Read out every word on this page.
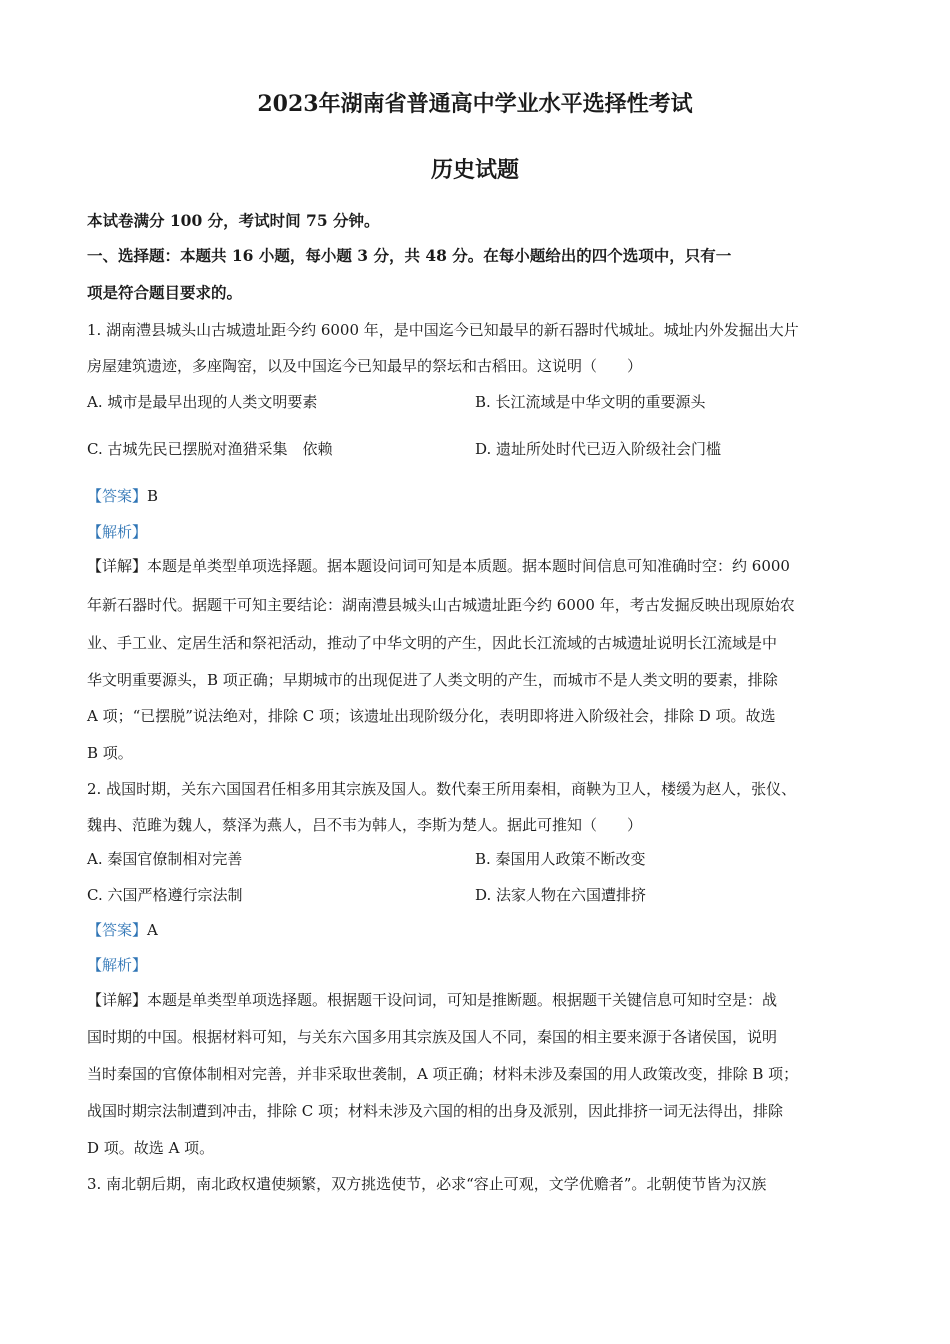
2023年湖南省普通高中学业水平选择性考试
历史试题
本试卷满分 100 分，考试时间 75 分钟。
一、选择题：本题共 16 小题，每小题 3 分，共 48 分。在每小题给出的四个选项中，只有一
项是符合题目要求的。
1. 湖南澧县城头山古城遗址距今约 6000 年，是中国迄今已知最早的新石器时代城址。城址内外发掘出大片
房屋建筑遗迹，多座陶窑，以及中国迄今已知最早的祭坛和古稻田。这说明（　　）
A. 城市是最早出现的人类文明要素	B. 长江流域是中华文明的重要源头
C. 古城先民已摆脱对渔猎采集　依赖	D. 遗址所处时代已迈入阶级社会门槛
【答案】B
【解析】
【详解】本题是单类型单项选择题。据本题设问词可知是本质题。据本题时间信息可知准确时空：约 6000
年新石器时代。据题干可知主要结论：湖南澧县城头山古城遗址距今约 6000 年，考古发掘反映出现原始农
业、手工业、定居生活和祭祀活动，推动了中华文明的产生，因此长江流域的古城遗址说明长江流域是中
华文明重要源头，B 项正确；早期城市的出现促进了人类文明的产生，而城市不是人类文明的要素，排除
A 项；“已摆脱”说法绝对，排除 C 项；该遗址出现阶级分化，表明即将进入阶级社会，排除 D 项。故选
B 项。
2. 战国时期，关东六国国君任相多用其宗族及国人。数代秦王所用秦相，商鞅为卫人，楼缓为赵人，张仪、
魏冉、范雎为魏人，蔡泽为燕人，吕不韦为韩人，李斯为楚人。据此可推知（　　）
A. 秦国官僚制相对完善	B. 秦国用人政策不断改变
C. 六国严格遵行宗法制	D. 法家人物在六国遭排挤
【答案】A
【解析】
【详解】本题是单类型单项选择题。根据题干设问词，可知是推断题。根据题干关键信息可知时空是：战
国时期的中国。根据材料可知，与关东六国多用其宗族及国人不同，秦国的相主要来源于各诸侯国，说明
当时秦国的官僚体制相对完善，并非采取世袭制，A 项正确；材料未涉及秦国的用人政策改变，排除 B 项；
战国时期宗法制遭到冲击，排除 C 项；材料未涉及六国的相的出身及派别，因此排挤一词无法得出，排除
D 项。故选 A 项。
3. 南北朝后期，南北政权遣使频繁，双方挑选使节，必求“容止可观，文学优赡者”。北朝使节皆为汉族
